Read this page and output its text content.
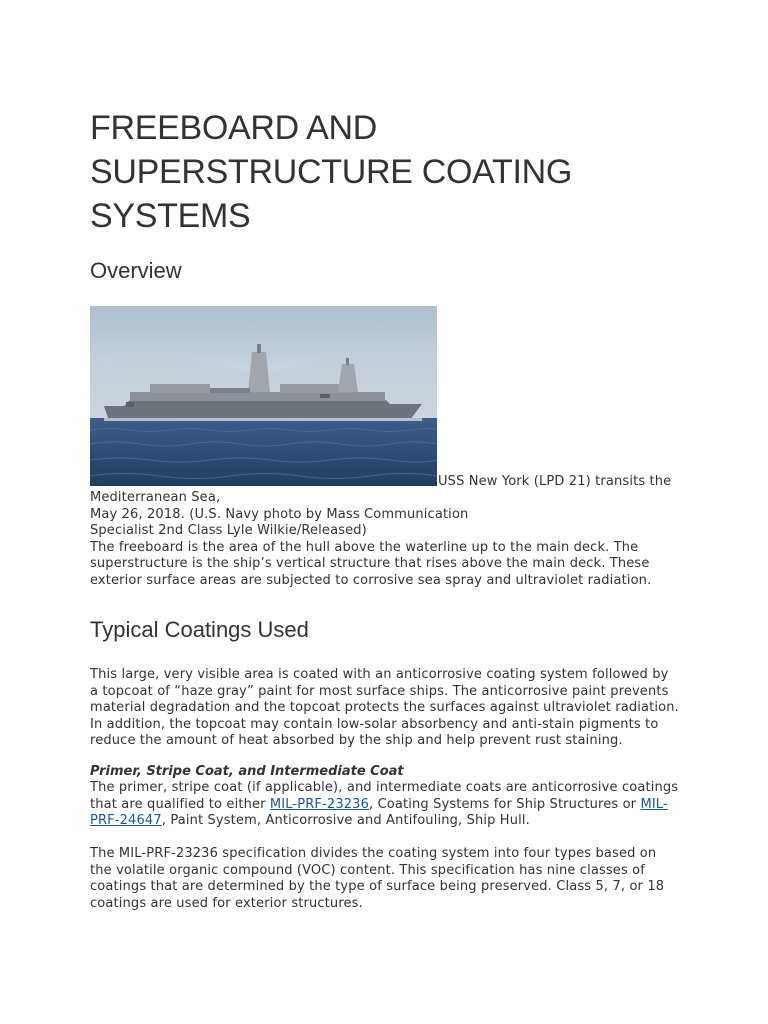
FREEBOARD AND
SUPERSTRUCTURE COATING
SYSTEMS
Overview
USS New York (LPD 21) transits the
Mediterranean Sea,
May 26, 2018. (U.S. Navy photo by Mass Communication
Specialist 2nd Class Lyle Wilkie/Released)
The freeboard is the area of the hull above the waterline up to the main deck. The
superstructure is the ship’s vertical structure that rises above the main deck. These
exterior surface areas are subjected to corrosive sea spray and ultraviolet radiation.
Typical Coatings Used
This large, very visible area is coated with an anticorrosive coating system followed by
a topcoat of “haze gray” paint for most surface ships. The anticorrosive paint prevents
material degradation and the topcoat protects the surfaces against ultraviolet radiation.
In addition, the topcoat may contain low-solar absorbency and anti-stain pigments to
reduce the amount of heat absorbed by the ship and help prevent rust staining.
Primer, Stripe Coat, and Intermediate Coat
The primer, stripe coat (if applicable), and intermediate coats are anticorrosive coatings
that are qualified to either MIL-PRF-23236, Coating Systems for Ship Structures or MIL-
PRF-24647, Paint System, Anticorrosive and Antifouling, Ship Hull.
The MIL-PRF-23236 specification divides the coating system into four types based on
the volatile organic compound (VOC) content. This specification has nine classes of
coatings that are determined by the type of surface being preserved. Class 5, 7, or 18
coatings are used for exterior structures.
